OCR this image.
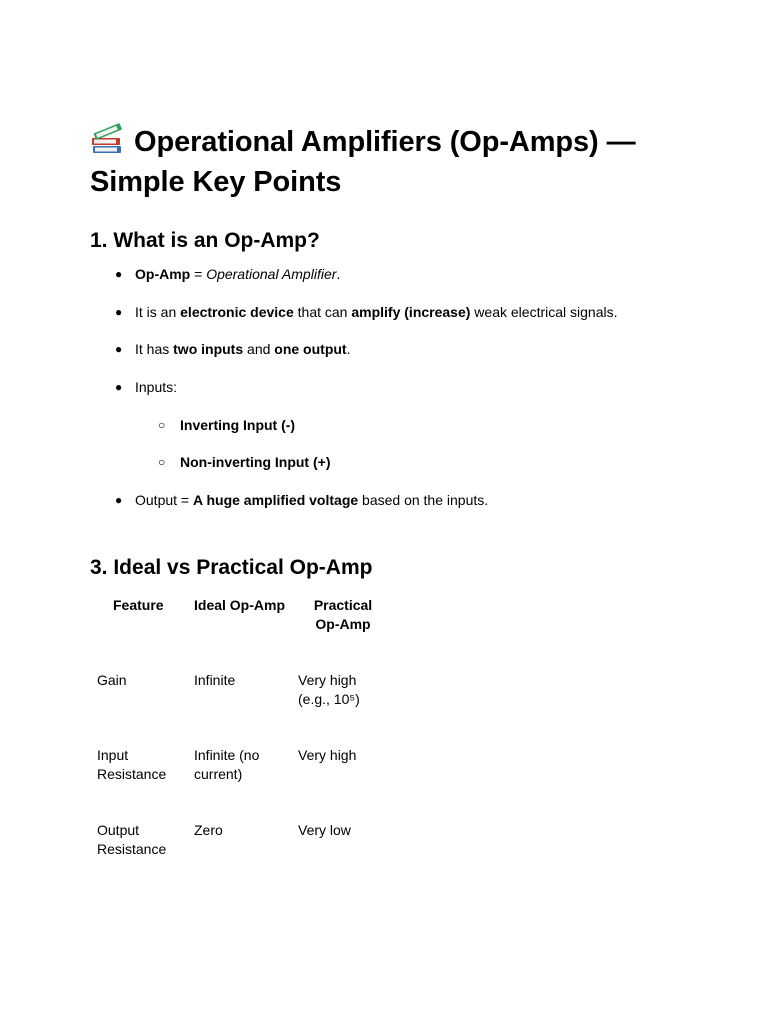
Operational Amplifiers (Op-Amps) —
Simple Key Points
1. What is an Op-Amp?
● Op-Amp = Operational Amplifier.
● It is an electronic device that can amplify (increase) weak electrical signals.
● It has two inputs and one output.
● Inputs:
○ Inverting Input (-)
○ Non-inverting Input (+)
● Output = A huge amplified voltage based on the inputs.
3. Ideal vs Practical Op-Amp
Feature	Ideal Op-Amp	Practical
Op-Amp
Gain	Infinite	Very high
(e.g., 10⁵)
Input
Resistance	Infinite (no
current)	Very high
Output
Resistance	Zero	Very low
